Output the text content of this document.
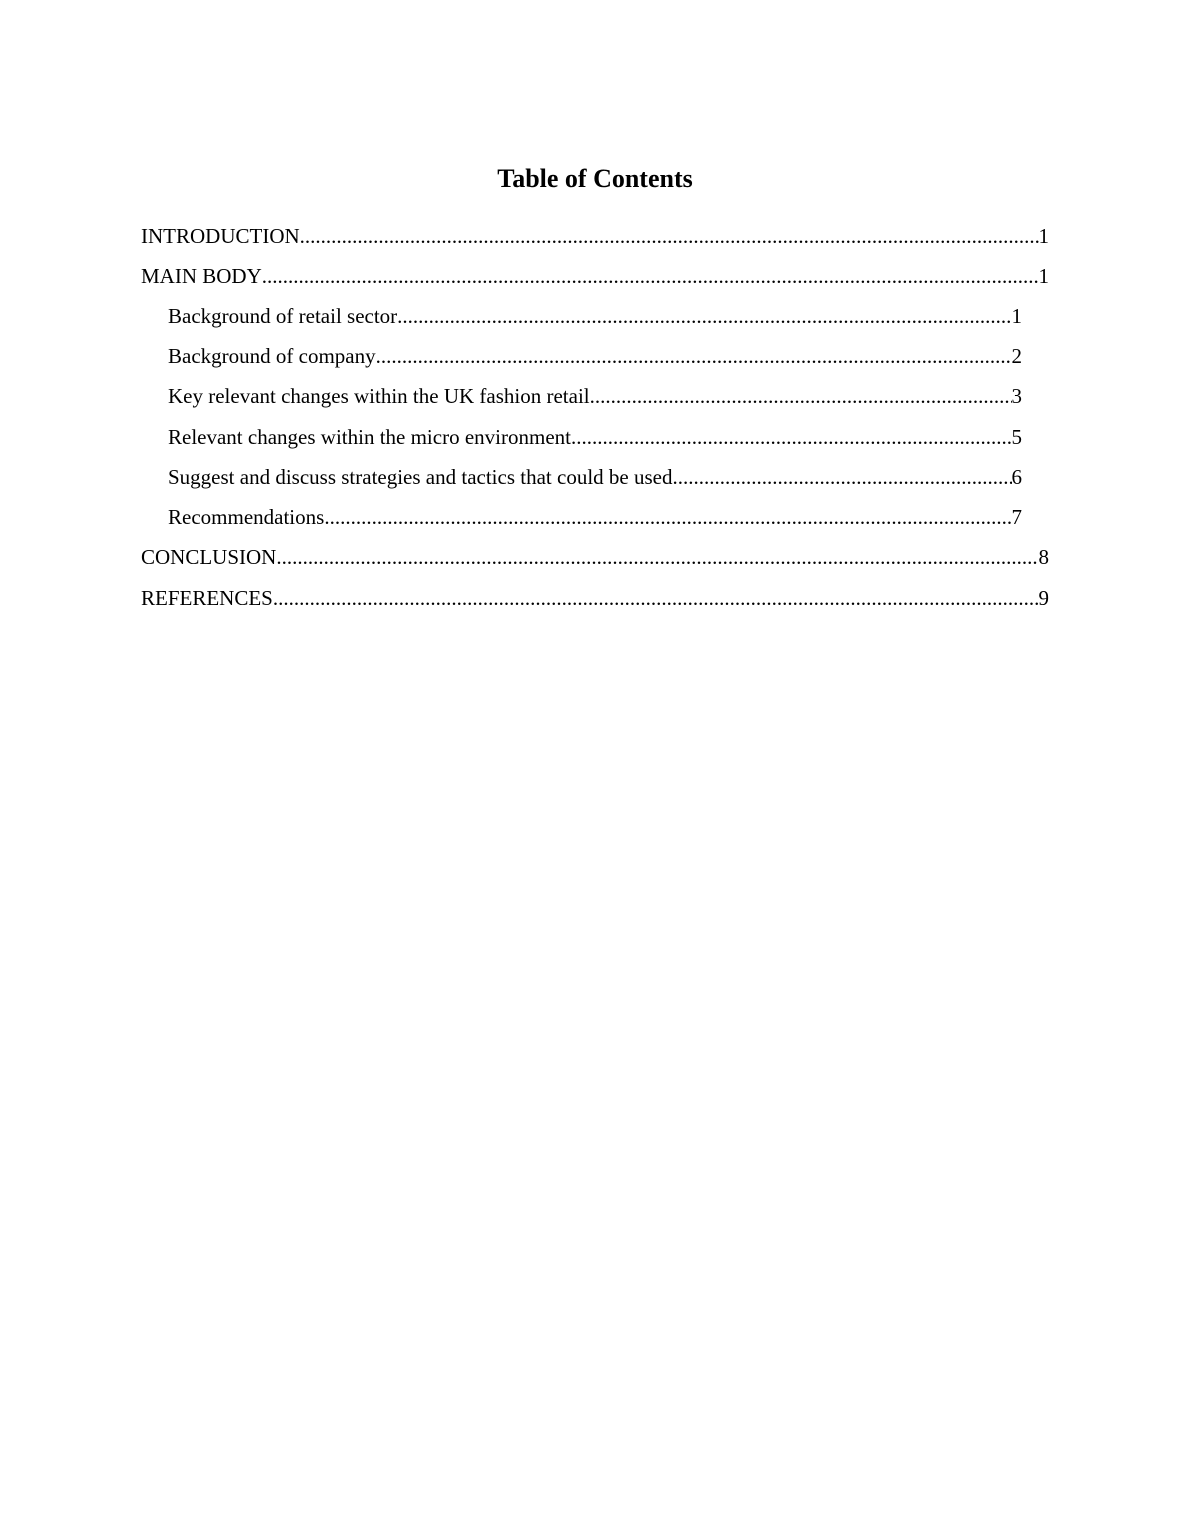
Table of Contents
INTRODUCTION .....	1
MAIN BODY .....	1
Background of retail sector .....	1
Background of company .....	2
Key relevant changes within the UK fashion retail .....	3
Relevant changes within the micro environment .....	5
Suggest and discuss strategies and tactics that could be used .....	6
Recommendations .....	7
CONCLUSION .....	8
REFERENCES .....	9
